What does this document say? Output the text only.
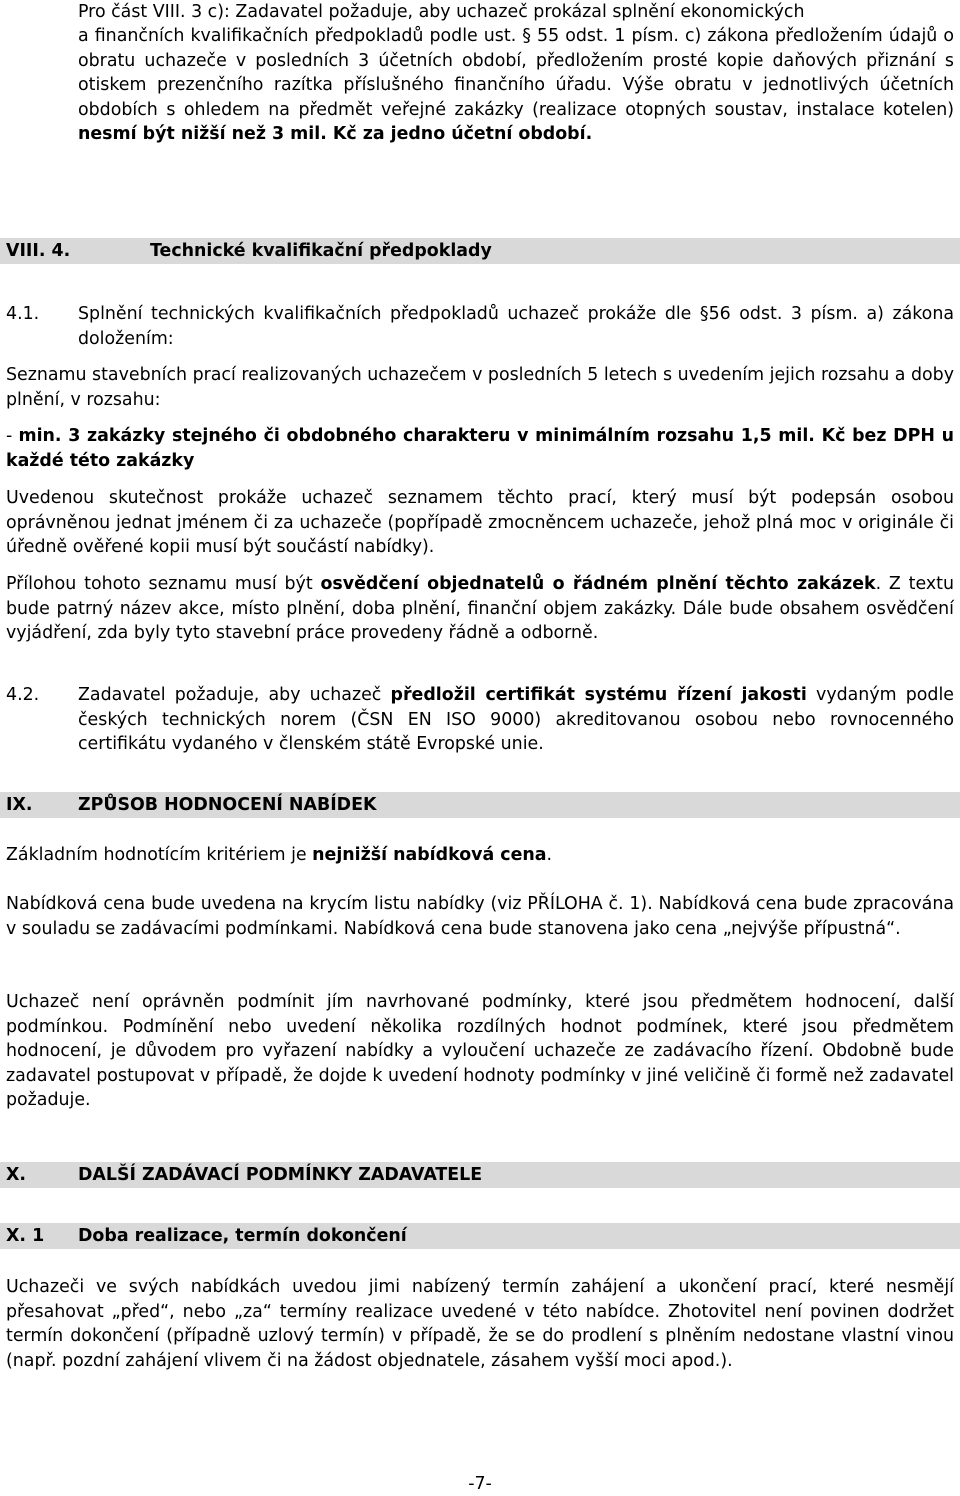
Pro část VIII. 3 c): Zadavatel požaduje, aby uchazeč prokázal splnění ekonomických
a finančních kvalifikačních předpokladů podle ust. § 55 odst. 1 písm. c) zákona předložením údajů o obratu uchazeče v posledních 3 účetních období, předložením prosté kopie daňových přiznání s otiskem prezenčního razítka příslušného finančního úřadu. Výše obratu v jednotlivých účetních obdobích s ohledem na předmět veřejné zakázky (realizace otopných soustav, instalace kotelen) nesmí být nižší než 3 mil. Kč za jedno účetní období.
VIII. 4.	Technické kvalifikační předpoklady
4.1. Splnění technických kvalifikačních předpokladů uchazeč prokáže dle §56 odst. 3 písm. a) zákona doložením:
Seznamu stavebních prací realizovaných uchazečem v posledních 5 letech s uvedením jejich rozsahu a doby plnění, v rozsahu:
- min. 3 zakázky stejného či obdobného charakteru v minimálním rozsahu 1,5 mil. Kč bez DPH u každé této zakázky
Uvedenou skutečnost prokáže uchazeč seznamem těchto prací, který musí být podepsán osobou oprávněnou jednat jménem či za uchazeče (popřípadě zmocněncem uchazeče, jehož plná moc v originále či úředně ověřené kopii musí být součástí nabídky).
Přílohou tohoto seznamu musí být osvědčení objednatelů o řádném plnění těchto zakázek. Z textu bude patrný název akce, místo plnění, doba plnění, finanční objem zakázky. Dále bude obsahem osvědčení vyjádření, zda byly tyto stavební práce provedeny řádně a odborně.
4.2. Zadavatel požaduje, aby uchazeč předložil certifikát systému řízení jakosti vydaným podle českých technických norem (ČSN EN ISO 9000) akreditovanou osobou nebo rovnocenného certifikátu vydaného v členském státě Evropské unie.
IX.	ZPŮSOB HODNOCENÍ NABÍDEK
Základním hodnotícím kritériem je nejnižší nabídková cena.
Nabídková cena bude uvedena na krycím listu nabídky (viz PŘÍLOHA č. 1). Nabídková cena bude zpracována v souladu se zadávacími podmínkami. Nabídková cena bude stanovena jako cena „nejvýše přípustná“.
Uchazeč není oprávněn podmínit jím navrhované podmínky, které jsou předmětem hodnocení, další podmínkou. Podmínění nebo uvedení několika rozdílných hodnot podmínek, které jsou předmětem hodnocení, je důvodem pro vyřazení nabídky a vyloučení uchazeče ze zadávacího řízení. Obdobně bude zadavatel postupovat v případě, že dojde k uvedení hodnoty podmínky v jiné veličině či formě než zadavatel požaduje.
X.	DALŠÍ ZADÁVACÍ PODMÍNKY ZADAVATELE
X. 1 Doba realizace, termín dokončení
Uchazeči ve svých nabídkách uvedou jimi nabízený termín zahájení a ukončení prací, které nesmějí přesahovat „před“, nebo „za“ termíny realizace uvedené v této nabídce. Zhotovitel není povinen dodržet termín dokončení (případně uzlový termín) v případě, že se do prodlení s plněním nedostane vlastní vinou (např. pozdní zahájení vlivem či na žádost objednatele, zásahem vyšší moci apod.).
-7-
